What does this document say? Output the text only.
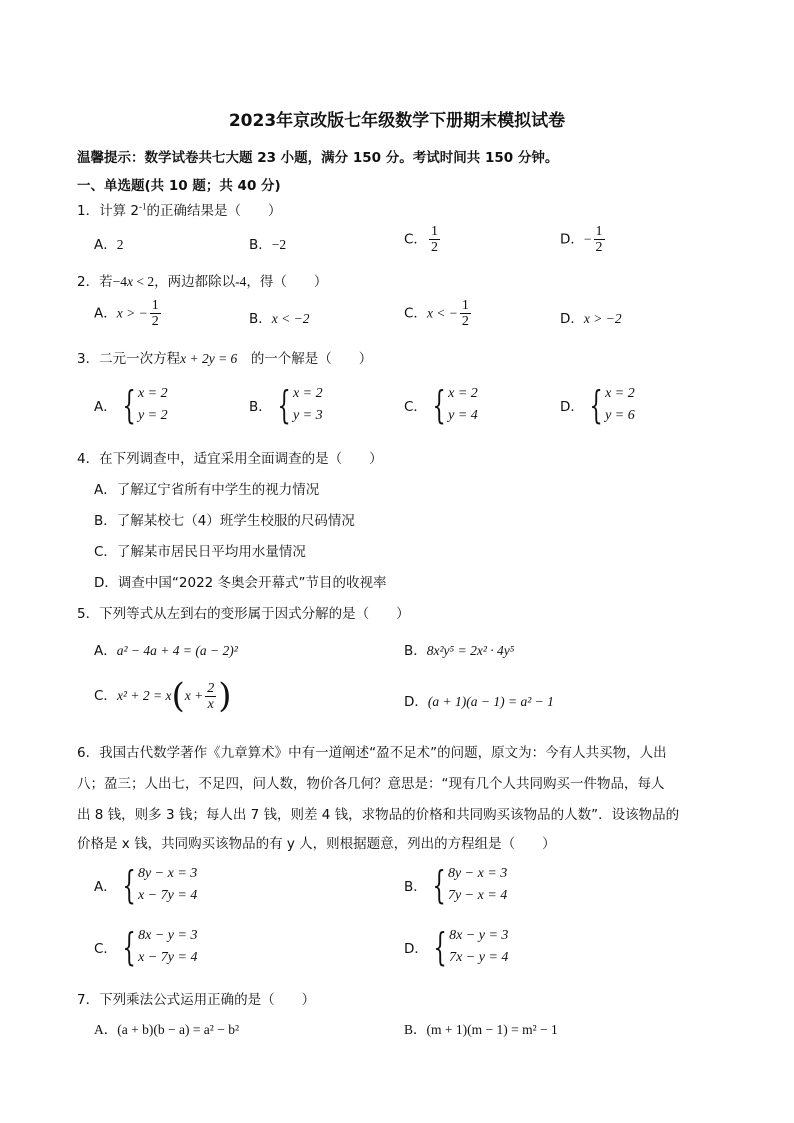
2023年京改版七年级数学下册期末模拟试卷
温馨提示：数学试卷共七大题 23 小题，满分 150 分。考试时间共 150 分钟。
一、单选题(共 10 题；共 40 分)
1．计算 $2^{-1}$的正确结果是（　　）
A．2	B．−2	C． $\frac{1}{2}$	D．− $\frac{1}{2}$
2．若−4x < 2，两边都除以-4，得（　　）
A．x > − $\frac{1}{2}$	B．x < −2	C．x < − $\frac{1}{2}$	D．x > −2
3．二元一次方程x + 2y = 6　 的一个解是（　　）
A． { x = 2
y = 2
B． { x = 2
y = 3
C． { x = 2
y = 4
D． { x = 2
y = 6
4．在下列调查中，适宜采用全面调查的是（　　）
A．了解辽宁省所有中学生的视力情况
B．了解某校七（4）班学生校服的尺码情况
C．了解某市居民日平均用水量情况
D．调查中国“2022 冬奥会开幕式”节目的收视率
5．下列等式从左到右的变形属于因式分解的是（　　）
A．a² − 4a + 4 = (a − 2)²	B．8x²y⁵ = 2x² · 4y⁵
C．$x^2 + 2 = x(x + \frac{2}{x}$ )	D．(a + 1)(a − 1) = a² − 1
6．我国古代数学著作《九章算术》中有一道阐述“盈不足术”的问题，原文为：今有人共买物，人出
八；盈三；人出七，不足四，问人数，物价各几何？意思是：“现有几个人共同购买一件物品，每人
出 8 钱，则多 3 钱；每人出 7 钱，则差 4 钱，求物品的价格和共同购买该物品的人数”．设该物品的
价格是 x 钱，共同购买该物品的有 y 人，则根据题意，列出的方程组是（　　）
A． { 8y − x = 3
x − 7y = 4
B． { 8y − x = 3
7y − x = 4
C． { 8x − y = 3
x − 7y = 4
D． { 8x − y = 3
7x − y = 4
7．下列乘法公式运用正确的是（　　）
A．(a + b)(b − a) = a² − b²	B．(m + 1)(m − 1) = m² − 1
